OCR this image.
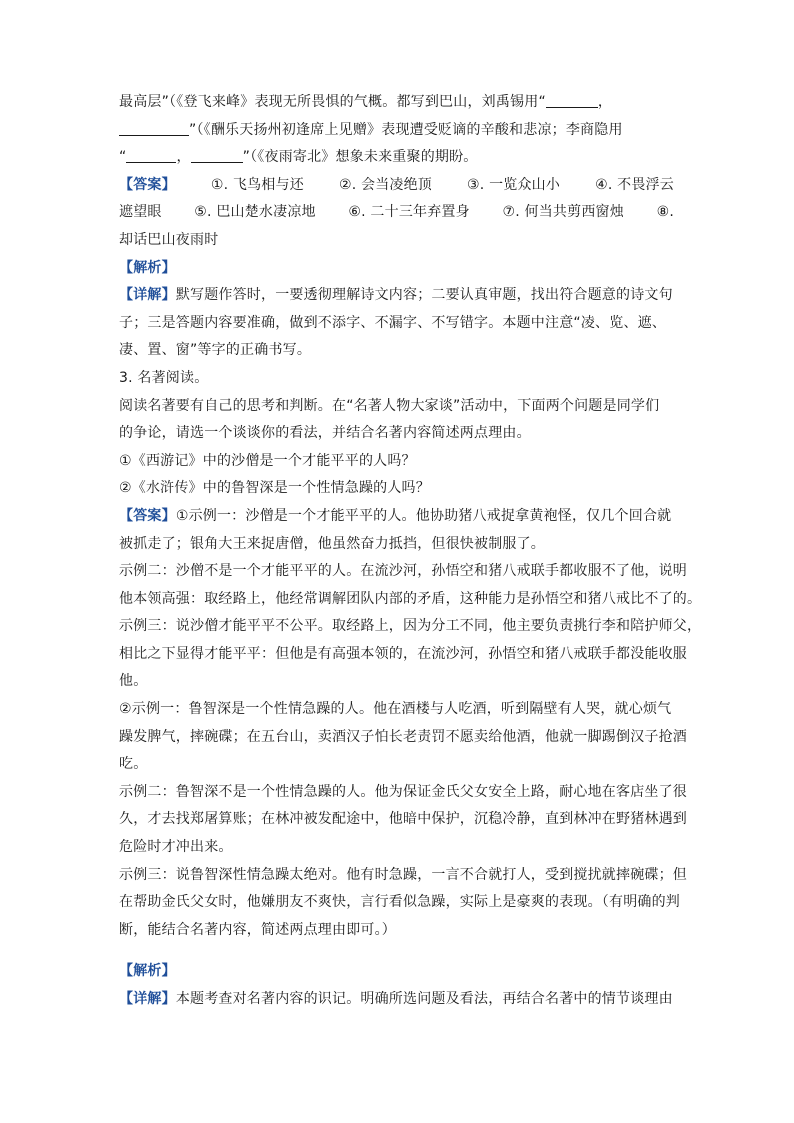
最高层”（《登飞来峰》表现无所畏惧的气概。都写到巴山，刘禹锡用“	，
”（《酬乐天扬州初逢席上见赠》表现遭受贬谪的辛酸和悲凉；李商隐用
“	，	”（《夜雨寄北》想象未来重聚的期盼。
【答案】	①. 飞鸟相与还	②. 会当凌绝顶	③. 一览众山小	④. 不畏浮云
遮望眼 ⑤. 巴山楚水凄凉地 ⑥. 二十三年弃置身 ⑦. 何当共剪西窗烛 ⑧.
却话巴山夜雨时
【解析】
【详解】默写题作答时，一要透彻理解诗文内容；二要认真审题，找出符合题意的诗文句
子；三是答题内容要准确，做到不添字、不漏字、不写错字。本题中注意“凌、览、遮、
凄、置、窗”等字的正确书写。
3. 名著阅读。
阅读名著要有自己的思考和判断。在“名著人物大家谈”活动中，下面两个问题是同学们
的争论，请选一个谈谈你的看法，并结合名著内容简述两点理由。
①《西游记》中的沙僧是一个才能平平的人吗？
②《水浒传》中的鲁智深是一个性情急躁的人吗？
【答案】①示例一：沙僧是一个才能平平的人。他协助猪八戒捉拿黄袍怪，仅几个回合就
被抓走了；银角大王来捉唐僧，他虽然奋力抵挡，但很快被制服了。
示例二：沙僧不是一个才能平平的人。在流沙河，孙悟空和猪八戒联手都收服不了他，说明
他本领高强：取经路上，他经常调解团队内部的矛盾，这种能力是孙悟空和猪八戒比不了的。
示例三：说沙僧才能平平不公平。取经路上，因为分工不同，他主要负责挑行李和陪护师父，
相比之下显得才能平平：但他是有高强本领的，在流沙河，孙悟空和猪八戒联手都没能收服
他。
②示例一：鲁智深是一个性情急躁的人。他在酒楼与人吃酒，听到隔壁有人哭，就心烦气
躁发脾气，摔碗碟；在五台山，卖酒汉子怕长老责罚不愿卖给他酒，他就一脚踢倒汉子抢酒
吃。
示例二：鲁智深不是一个性情急躁的人。他为保证金氏父女安全上路，耐心地在客店坐了很
久，才去找郑屠算账；在林冲被发配途中，他暗中保护，沉稳冷静，直到林冲在野猪林遇到
危险时才冲出来。
示例三：说鲁智深性情急躁太绝对。他有时急躁，一言不合就打人，受到搅扰就摔碗碟；但
在帮助金氏父女时，他嫌朋友不爽快，言行看似急躁，实际上是豪爽的表现。（有明确的判
断，能结合名著内容，简述两点理由即可。）
【解析】
【详解】本题考查对名著内容的识记。明确所选问题及看法，再结合名著中的情节谈理由
